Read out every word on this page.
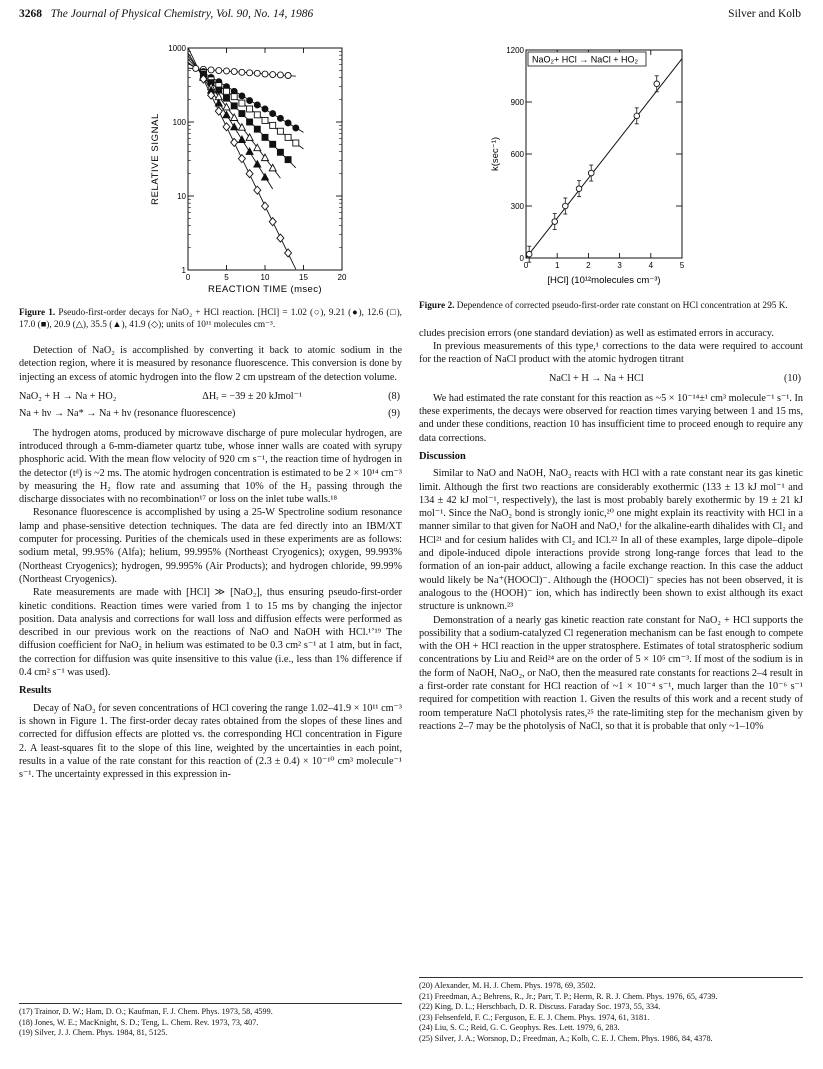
3268 The Journal of Physical Chemistry, Vol. 90, No. 14, 1986	Silver and Kolb
1
10
100
1000
0	5	10	15	20
REACTION TIME (msec)
RELATIVE SIGNAL
0
300
600
900
1200
0	1	2	3	4	5
[HCl] (10¹²molecules cm⁻³)
k(sec⁻¹)
NaO₂+ HCl → NaCl + HO₂

Figure 1. Pseudo-first-order decays for NaO₂ + HCl reaction. [HCl] = 1.02 (○), 9.21 (●), 12.6 (□), 17.0 (■), 20.9 (△), 35.5 (▲), 41.9 (◇); units of 10¹¹ molecules cm⁻³.

Detection of NaO₂ is accomplished by converting it back to atomic sodium in the detection region, where it is measured by resonance fluorescence. This conversion is done by injecting an excess of atomic hydrogen into the flow 2 cm upstream of the detection volume.

NaO₂ + H → Na + HO₂	ΔHᵣ = −39 ± 20 kJmol⁻¹	(8)
Na + hν → Na* → Na + hν (resonance fluorescence)	(9)

The hydrogen atoms, produced by microwave discharge of pure molecular hydrogen, are introduced through a 6-mm-diameter quartz tube, whose inner walls are coated with syrupy phosphoric acid. With the mean flow velocity of 920 cm s⁻¹, the reaction time of hydrogen in the detector (tᵈ) is ~2 ms. The atomic hydrogen concentration is estimated to be 2 × 10¹⁴ cm⁻³ by measuring the H₂ flow rate and assuming that 10% of the H₂ passing through the discharge dissociates with no recombination¹⁷ or loss on the inlet tube walls.¹⁸

Resonance fluorescence is accomplished by using a 25-W Spectroline sodium resonance lamp and phase-sensitive detection techniques. The data are fed directly into an IBM/XT computer for processing. Purities of the chemicals used in these experiments are as follows: sodium metal, 99.95% (Alfa); helium, 99.995% (Northeast Cryogenics); oxygen, 99.993% (Northeast Cryogenics); hydrogen, 99.995% (Air Products); and hydrogen chloride, 99.99% (Northeast Cryogenics).

Rate measurements are made with [HCl] ≫ [NaO₂], thus ensuring pseudo-first-order kinetic conditions. Reaction times were varied from 1 to 15 ms by changing the injector position. Data analysis and corrections for wall loss and diffusion effects were performed as described in our previous work on the reactions of NaO and NaOH with HCl.¹ʼ¹⁹ The diffusion coefficient for NaO₂ in helium was estimated to be 0.3 cm² s⁻¹ at 1 atm, but in fact, the correction for diffusion was quite insensitive to this value (i.e., less than 1% difference if 0.4 cm² s⁻¹ was used).

Results

Decay of NaO₂ for seven concentrations of HCl covering the range 1.02–41.9 × 10¹¹ cm⁻³ is shown in Figure 1. The first-order decay rates obtained from the slopes of these lines and corrected for diffusion effects are plotted vs. the corresponding HCl concentration in Figure 2. A least-squares fit to the slope of this line, weighted by the uncertainties in each point, results in a value of the rate constant for this reaction of (2.3 ± 0.4) × 10⁻¹⁰ cm³ molecule⁻¹ s⁻¹. The uncertainty expressed in this expression in-

(17) Trainor, D. W.; Ham, D. O.; Kaufman, F. J. Chem. Phys. 1973, 58, 4599.
(18) Jones, W. E.; MacKnight, S. D.; Teng, L. Chem. Rev. 1973, 73, 407.
(19) Silver, J. J. Chem. Phys. 1984, 81, 5125.

Figure 2. Dependence of corrected pseudo-first-order rate constant on HCl concentration at 295 K.

cludes precision errors (one standard deviation) as well as estimated errors in accuracy.

In previous measurements of this type,¹ corrections to the data were required to account for the reaction of NaCl product with the atomic hydrogen titrant

NaCl + H → Na + HCl	(10)

We had estimated the rate constant for this reaction as ~5 × 10⁻¹⁴±¹ cm³ molecule⁻¹ s⁻¹. In these experiments, the decays were observed for reaction times varying between 1 and 15 ms, and under these conditions, reaction 10 has insufficient time to proceed enough to require any data corrections.

Discussion

Similar to NaO and NaOH, NaO₂ reacts with HCl with a rate constant near its gas kinetic limit. Although the first two reactions are considerably exothermic (133 ± 13 kJ mol⁻¹ and 134 ± 42 kJ mol⁻¹, respectively), the last is most probably barely exothermic by 19 ± 21 kJ mol⁻¹. Since the NaO₂ bond is strongly ionic,²⁰ one might explain its reactivity with HCl in a manner similar to that given for NaOH and NaO,¹ for the alkaline-earth dihalides with Cl₂ and HCl²¹ and for cesium halides with Cl₂ and ICl.²² In all of these examples, large dipole–dipole and dipole-induced dipole interactions provide strong long-range forces that lead to the formation of an ion-pair adduct, allowing a facile exchange reaction. In this case the adduct would likely be Na⁺(HOOCl)⁻. Although the (HOOCl)⁻ species has not been observed, it is analogous to the (HOOH)⁻ ion, which has indirectly been shown to exist although its exact structure is unknown.²³

Demonstration of a nearly gas kinetic reaction rate constant for NaO₂ + HCl supports the possibility that a sodium-catalyzed Cl regeneration mechanism can be fast enough to compete with the OH + HCl reaction in the upper stratosphere. Estimates of total stratospheric sodium concentrations by Liu and Reid²⁴ are on the order of 5 × 10⁵ cm⁻³. If most of the sodium is in the form of NaOH, NaO₂, or NaO, then the measured rate constants for reactions 2–4 result in a first-order rate constant for HCl reaction of ~1 × 10⁻⁴ s⁻¹, much larger than the 10⁻⁶ s⁻¹ required for competition with reaction 1. Given the results of this work and a recent study of room temperature NaCl photolysis rates,²⁵ the rate-limiting step for the mechanism given by reactions 2–7 may be the photolysis of NaCl, so that it is probable that only ~1–10%

(20) Alexander, M. H. J. Chem. Phys. 1978, 69, 3502.
(21) Freedman, A.; Behrens, R., Jr.; Parr, T. P.; Herm, R. R. J. Chem. Phys. 1976, 65, 4739.
(22) King, D. L.; Herschbach, D. R. Discuss. Faraday Soc. 1973, 55, 334.
(23) Fehsenfeld, F. C.; Ferguson, E. E. J. Chem. Phys. 1974, 61, 3181.
(24) Liu, S. C.; Reid, G. C. Geophys. Res. Lett. 1979, 6, 283.
(25) Silver, J. A.; Worsnop, D.; Freedman, A.; Kolb, C. E. J. Chem. Phys. 1986, 84, 4378.
